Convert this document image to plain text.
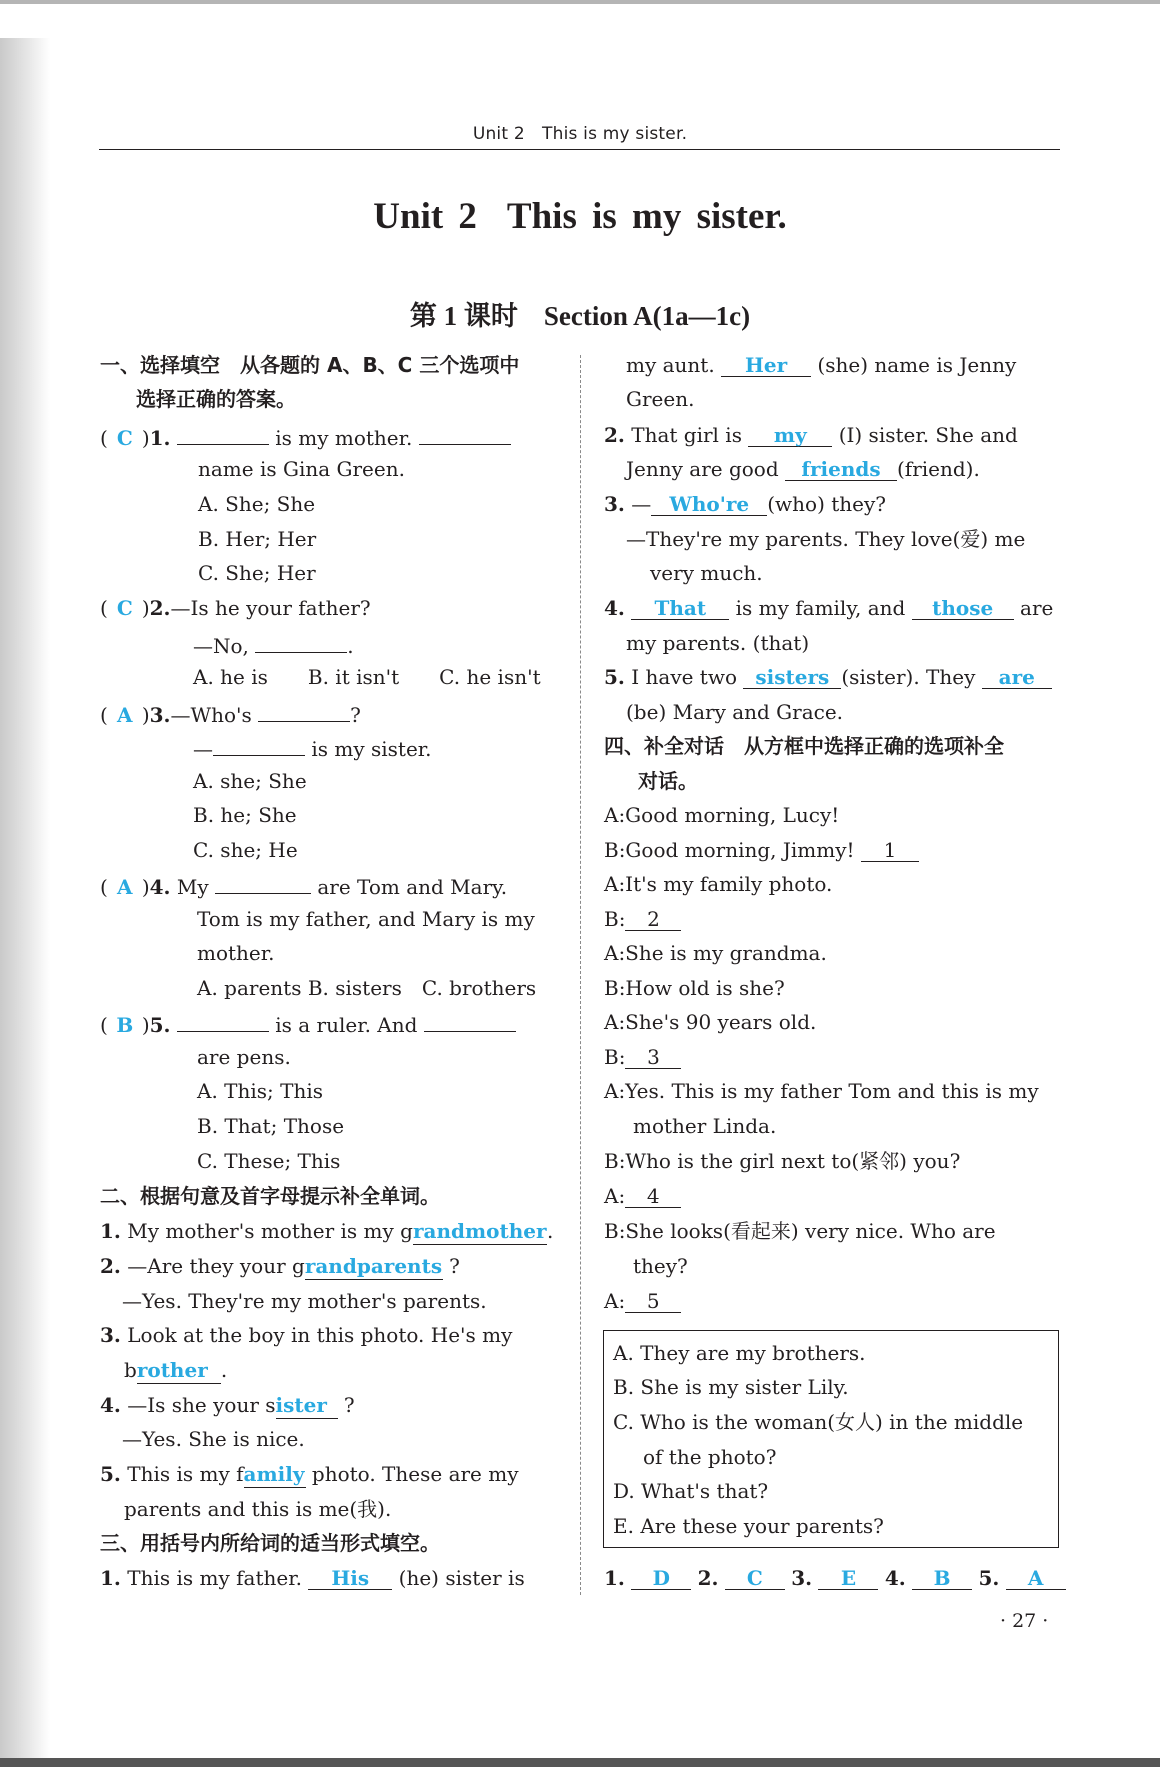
Unit 2　This is my sister.
Unit 2 This is my sister.
第 1 课时 Section A(1a—1c)
一、选择填空　从各题的 A、B、C 三个选项中
选择正确的答案。
( C )1.	is my mother.
name is Gina Green.
A. She; She
B. Her; Her
C. She; Her
( C )2.—Is he your father?
—No,	.
A. he is　　B. it isn't　　C. he isn't
( A )3.—Who's	?
—	is my sister.
A. she; She
B. he; She
C. she; He
( A )4. My	are Tom and Mary.
Tom is my father, and Mary is my
mother.
A. parents B. sisters　C. brothers
( B )5.	is a ruler. And
are pens.
A. This; This
B. That; Those
C. These; This
二、根据句意及首字母提示补全单词。
1. My mother's mother is my grandmother.
2. —Are they your grandparents ?
—Yes. They're my mother's parents.
3. Look at the boy in this photo. He's my
brother .
4. —Is she your sister ?
—Yes. She is nice.
5. This is my family photo. These are my
parents and this is me(我).
三、用括号内所给词的适当形式填空。
1. This is my father. His (he) sister is
my aunt. Her (she) name is Jenny
Green.
2. That girl is my (I) sister. She and
Jenny are good friends (friend).
3. — Who're (who) they?
—They're my parents. They love(爱) me
very much.
4. That is my family, and those are
my parents. (that)
5. I have two sisters (sister). They are
(be) Mary and Grace.
四、补全对话　从方框中选择正确的选项补全
对话。
A:Good morning, Lucy!
B:Good morning, Jimmy! 1
A:It's my family photo.
B: 2
A:She is my grandma.
B:How old is she?
A:She's 90 years old.
B: 3
A:Yes. This is my father Tom and this is my
mother Linda.
B:Who is the girl next to(紧邻) you?
A: 4
B:She looks(看起来) very nice. Who are
they?
A: 5
A. They are my brothers.
B. She is my sister Lily.
C. Who is the woman(女人) in the middle
of the photo?
D. What's that?
E. Are these your parents?
1. D 2. C 3. E 4. B 5. A
· 27 ·
